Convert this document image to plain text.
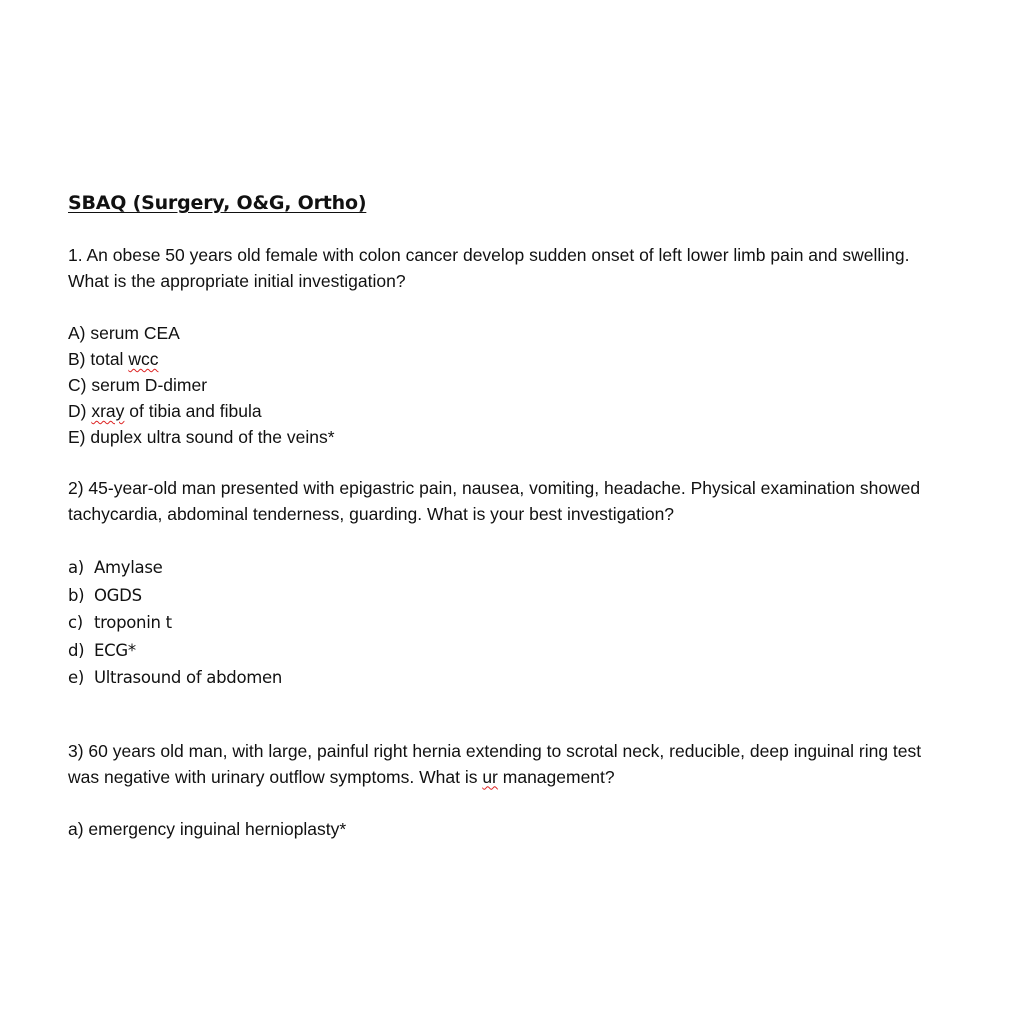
SBAQ (Surgery, O&G, Ortho)

1. An obese 50 years old female with colon cancer develop sudden onset of left lower limb pain and swelling. What is the appropriate initial investigation?

A) serum CEA
B) total wcc
C) serum D-dimer
D) xray of tibia and fibula
E) duplex ultra sound of the veins*

2) 45-year-old man presented with epigastric pain, nausea, vomiting, headache. Physical examination showed tachycardia, abdominal tenderness, guarding. What is your best investigation?

a) Amylase
b) OGDS
c) troponin t
d) ECG*
e) Ultrasound of abdomen

3) 60 years old man, with large, painful right hernia extending to scrotal neck, reducible, deep inguinal ring test was negative with urinary outflow symptoms. What is ur management?

a) emergency inguinal hernioplasty*
